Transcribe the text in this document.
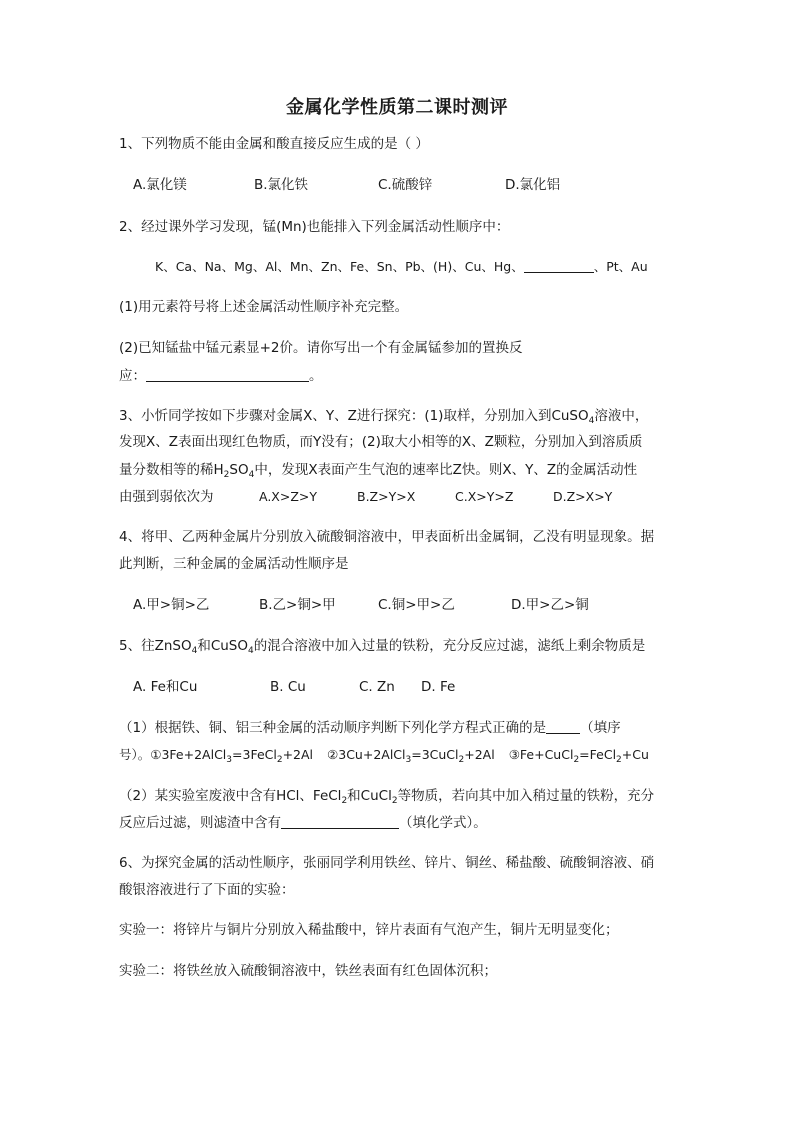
金属化学性质第二课时测评
1、下列物质不能由金属和酸直接反应生成的是（ ）
A.氯化镁	B.氯化铁	C.硫酸锌	D.氯化铝
2、经过课外学习发现，锰(Mn)也能排入下列金属活动性顺序中：
K、Ca、Na、Mg、Al、Mn、Zn、Fe、Sn、Pb、(H)、Cu、Hg、	、Pt、Au
(1)用元素符号将上述金属活动性顺序补充完整。
(2)已知锰盐中锰元素显+2价。请你写出一个有金属锰参加的置换反
应：	。
3、小忻同学按如下步骤对金属X、Y、Z进行探究：(1)取样，分别加入到CuSO$_4$溶液中，
发现X、Z表面出现红色物质，而Y没有；(2)取大小相等的X、Z颗粒，分别加入到溶质质
量分数相等的稀$H_2SO_4$中，发现X表面产生气泡的速率比Z快。则X、Y、Z的金属活动性
由强到弱依次为	A.X>Z>Y	B.Z>Y>X	C.X>Y>Z	D.Z>X>Y
4、将甲、乙两种金属片分别放入硫酸铜溶液中，甲表面析出金属铜，乙没有明显现象。据
此判断，三种金属的金属活动性顺序是
A.甲>铜>乙	B.乙>铜>甲	C.铜>甲>乙	D.甲>乙>铜
5、往ZnSO$_4$和CuSO$_4$的混合溶液中加入过量的铁粉，充分反应过滤，滤纸上剩余物质是
A. Fe和Cu	B. Cu	C. Zn D. Fe
（1）根据铁、铜、铝三种金属的活动顺序判断下列化学方程式正确的是	（填序
号）。①3Fe+2AlCl$_3$=3FeCl$_2$+2Al ②3Cu+2AlCl$_3$=3CuCl$_2$+2Al ③Fe+CuCl$_2$=FeCl$_2$+Cu
（2）某实验室废液中含有HCl、FeCl$_2$和CuCl$_2$等物质，若向其中加入稍过量的铁粉，充分
反应后过滤，则滤渣中含有	（填化学式）。
6、为探究金属的活动性顺序，张丽同学利用铁丝、锌片、铜丝、稀盐酸、硫酸铜溶液、硝
酸银溶液进行了下面的实验：
实验一：将锌片与铜片分别放入稀盐酸中，锌片表面有气泡产生，铜片无明显变化；
实验二：将铁丝放入硫酸铜溶液中，铁丝表面有红色固体沉积；
